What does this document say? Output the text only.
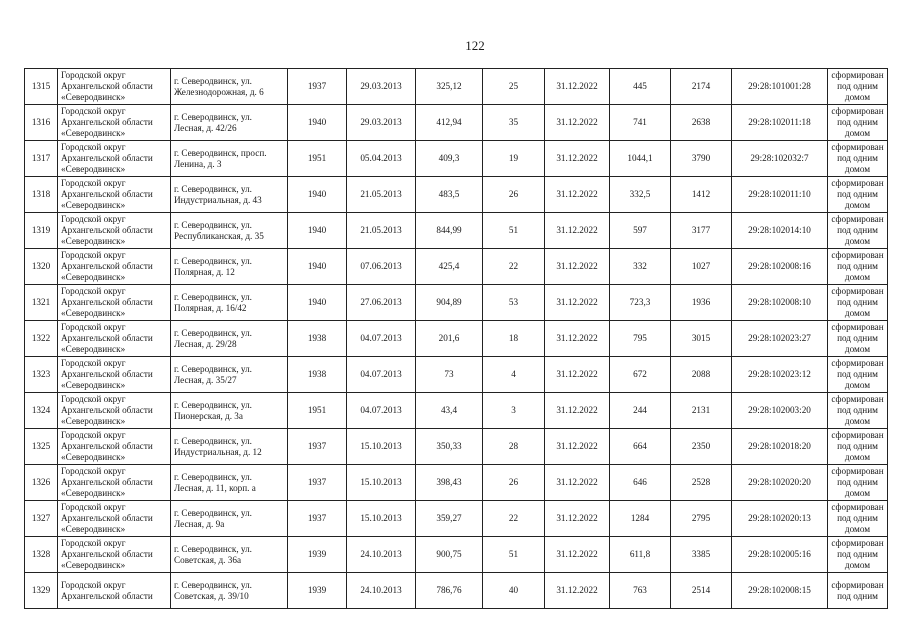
122
1315	Городской округ Архангельской области «Северодвинск»	г. Северодвинск, ул. Железнодорожная, д. 6	1937	29.03.2013	325,12	25	31.12.2022	445	2174	29:28:101001:28	сформирован под одним домом
1316	Городской округ Архангельской области «Северодвинск»	г. Северодвинск, ул. Лесная, д. 42/26	1940	29.03.2013	412,94	35	31.12.2022	741	2638	29:28:102011:18	сформирован под одним домом
1317	Городской округ Архангельской области «Северодвинск»	г. Северодвинск, просп. Ленина, д. 3	1951	05.04.2013	409,3	19	31.12.2022	1044,1	3790	29:28:102032:7	сформирован под одним домом
1318	Городской округ Архангельской области «Северодвинск»	г. Северодвинск, ул. Индустриальная, д. 43	1940	21.05.2013	483,5	26	31.12.2022	332,5	1412	29:28:102011:10	сформирован под одним домом
1319	Городской округ Архангельской области «Северодвинск»	г. Северодвинск, ул. Республиканская, д. 35	1940	21.05.2013	844,99	51	31.12.2022	597	3177	29:28:102014:10	сформирован под одним домом
1320	Городской округ Архангельской области «Северодвинск»	г. Северодвинск, ул. Полярная, д. 12	1940	07.06.2013	425,4	22	31.12.2022	332	1027	29:28:102008:16	сформирован под одним домом
1321	Городской округ Архангельской области «Северодвинск»	г. Северодвинск, ул. Полярная, д. 16/42	1940	27.06.2013	904,89	53	31.12.2022	723,3	1936	29:28:102008:10	сформирован под одним домом
1322	Городской округ Архангельской области «Северодвинск»	г. Северодвинск, ул. Лесная, д. 29/28	1938	04.07.2013	201,6	18	31.12.2022	795	3015	29:28:102023:27	сформирован под одним домом
1323	Городской округ Архангельской области «Северодвинск»	г. Северодвинск, ул. Лесная, д. 35/27	1938	04.07.2013	73	4	31.12.2022	672	2088	29:28:102023:12	сформирован под одним домом
1324	Городской округ Архангельской области «Северодвинск»	г. Северодвинск, ул. Пионерская, д. 3а	1951	04.07.2013	43,4	3	31.12.2022	244	2131	29:28:102003:20	сформирован под одним домом
1325	Городской округ Архангельской области «Северодвинск»	г. Северодвинск, ул. Индустриальная, д. 12	1937	15.10.2013	350,33	28	31.12.2022	664	2350	29:28:102018:20	сформирован под одним домом
1326	Городской округ Архангельской области «Северодвинск»	г. Северодвинск, ул. Лесная, д. 11, корп. а	1937	15.10.2013	398,43	26	31.12.2022	646	2528	29:28:102020:20	сформирован под одним домом
1327	Городской округ Архангельской области «Северодвинск»	г. Северодвинск, ул. Лесная, д. 9а	1937	15.10.2013	359,27	22	31.12.2022	1284	2795	29:28:102020:13	сформирован под одним домом
1328	Городской округ Архангельской области «Северодвинск»	г. Северодвинск, ул. Советская, д. 36а	1939	24.10.2013	900,75	51	31.12.2022	611,8	3385	29:28:102005:16	сформирован под одним домом
1329	Городской округ Архангельской области	г. Северодвинск, ул. Советская, д. 39/10	1939	24.10.2013	786,76	40	31.12.2022	763	2514	29:28:102008:15	сформирован под одним
